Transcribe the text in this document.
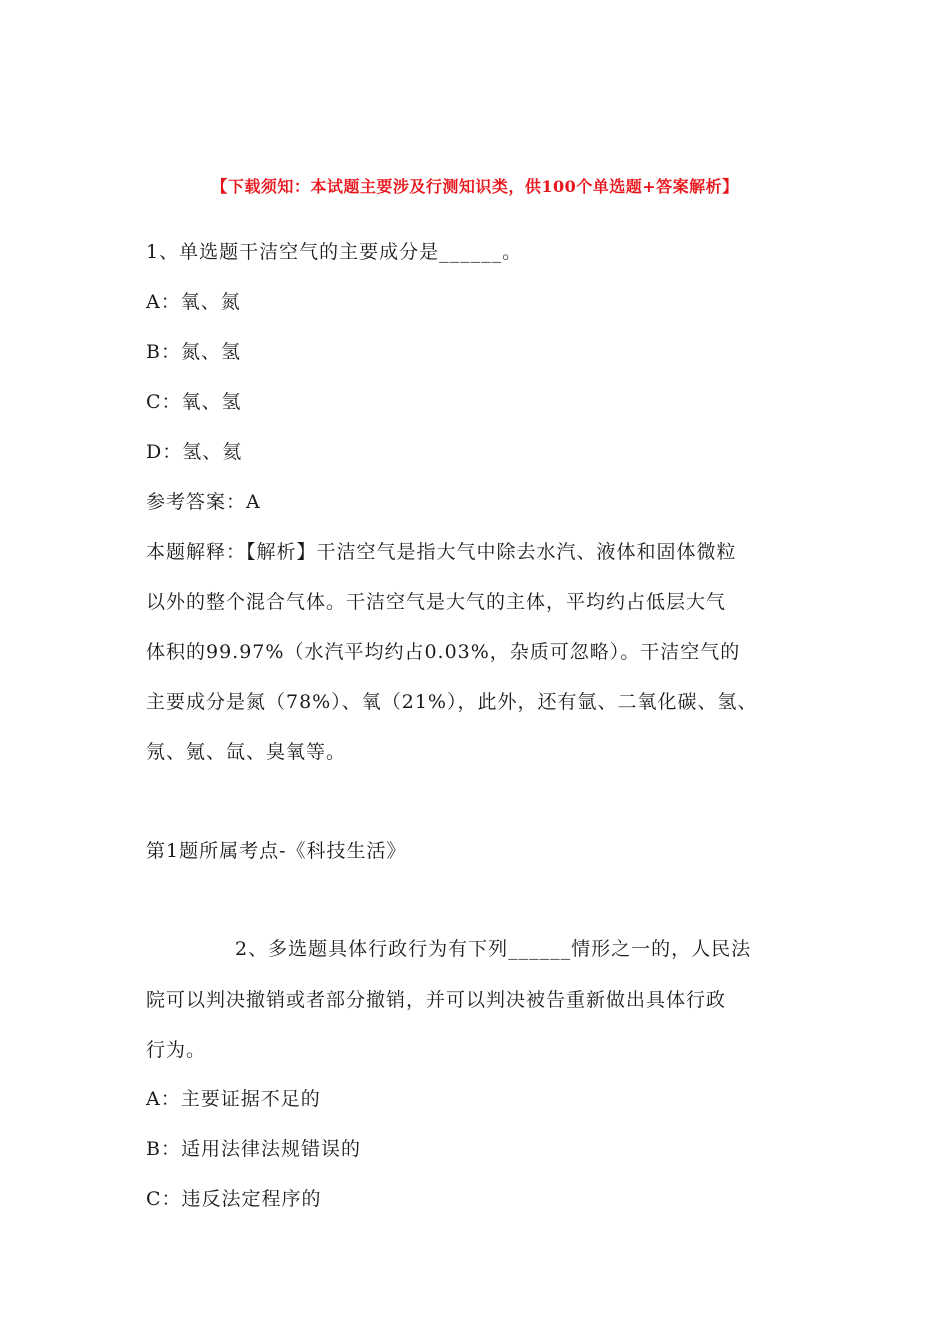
【下载须知：本试题主要涉及行测知识类，供100个单选题+答案解析】
1、单选题干洁空气的主要成分是______。
A：氧、氮
B：氮、氢
C：氧、氢
D：氢、氦
参考答案：A
本题解释：【解析】干洁空气是指大气中除去水汽、液体和固体微粒
以外的整个混合气体。干洁空气是大气的主体，平均约占低层大气
体积的99.97%（水汽平均约占0.03%，杂质可忽略）。干洁空气的
主要成分是氮（78%）、氧（21%），此外，还有氩、二氧化碳、氢、
氖、氪、氙、臭氧等。
第1题所属考点-《科技生活》
2、多选题具体行政行为有下列______情形之一的，人民法
院可以判决撤销或者部分撤销，并可以判决被告重新做出具体行政
行为。
A：主要证据不足的
B：适用法律法规错误的
C：违反法定程序的
